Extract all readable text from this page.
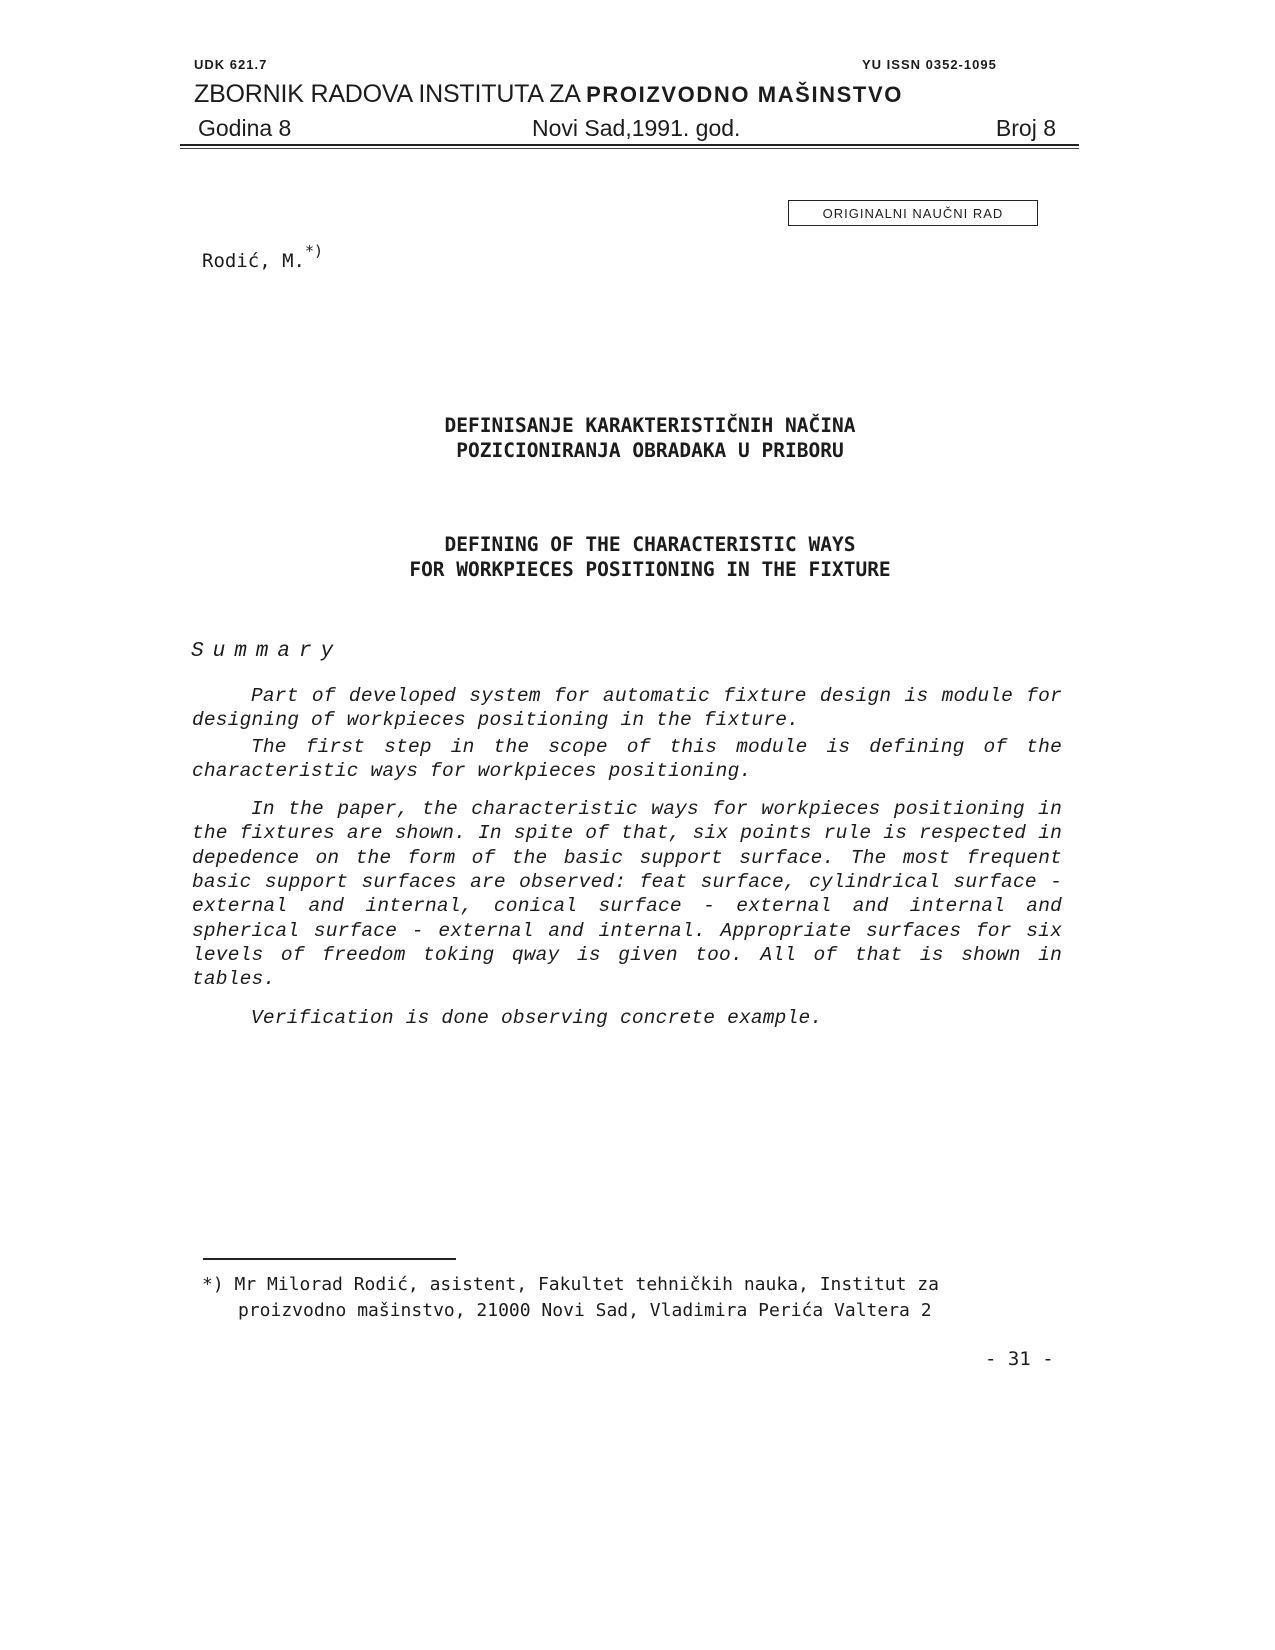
UDK 621.7	YU ISSN 0352-1095
ZBORNIK RADOVA INSTITUTA ZA PROIZVODNO MAŠINSTVO
Godina 8	Novi Sad,1991. god.	Broj 8
ORIGINALNI NAUČNI RAD
Rodić, M.*)
DEFINISANJE KARAKTERISTIČNIH NAČINA
POZICIONIRANJA OBRADAKA U PRIBORU
DEFINING OF THE CHARACTERISTIC WAYS
FOR WORKPIECES POSITIONING IN THE FIXTURE
Summary

Part of developed system for automatic fixture design is module for designing of workpieces positioning in the fixture.

The first step in the scope of this module is defining of the characteristic ways for workpieces positioning.

In the paper, the characteristic ways for workpieces positioning in the fixtures are shown. In spite of that, six points rule is respected in depedence on the form of the basic support surface. The most frequent basic support surfaces are observed: feat surface, cylindrical surface - external and internal, conical surface - external and internal and spherical surface - external and internal. Appropriate surfaces for six levels of freedom toking qway is given too. All of that is shown in tables.

Verification is done observing concrete example.

*) Mr Milorad Rodić, asistent, Fakultet tehničkih nauka, Institut za
proizvodno mašinstvo, 21000 Novi Sad, Vladimira Perića Valtera 2
- 31 -
